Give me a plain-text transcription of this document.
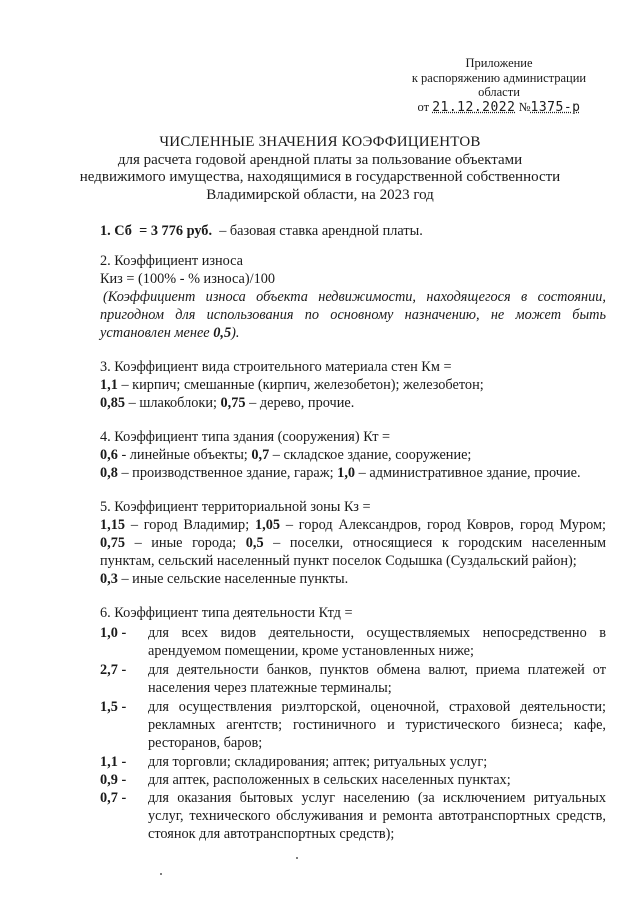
Приложение
к распоряжению администрации
области
от 21.12.2022 №1375-р
ЧИСЛЕННЫЕ ЗНАЧЕНИЯ КОЭФФИЦИЕНТОВ
для расчета годовой арендной платы за пользование объектами
недвижимого имущества, находящимися в государственной собственности
Владимирской области, на 2023 год

1. Сб = 3 776 руб. – базовая ставка арендной платы.

2. Коэффициент износа

Киз = (100% - % износа)/100

(Коэффициент износа объекта недвижимости, находящегося в состоянии,

пригодном для использования по основному назначению, не может быть

установлен менее 0,5).

3. Коэффициент вида строительного материала стен Км =

1,1 – кирпич; смешанные (кирпич, железобетон); железобетон;

0,85 – шлакоблоки; 0,75 – дерево, прочие.

4. Коэффициент типа здания (сооружения) Кт =

0,6 - линейные объекты; 0,7 – складское здание, сооружение;

0,8 – производственное здание, гараж; 1,0 – административное здание, прочие.

5. Коэффициент территориальной зоны Кз =

1,15 – город Владимир; 1,05 – город Александров, город Ковров, город Муром;

0,75 – иные города; 0,5 – поселки, относящиеся к городским населенным

пунктам, сельский населенный пункт поселок Содышка (Суздальский район);

0,3 – иные сельские населенные пункты.

6. Коэффициент типа деятельности Ктд =

1,0 - для всех видов деятельности, осуществляемых непосредственно в арендуемом помещении, кроме установленных ниже;
2,7 - для деятельности банков, пунктов обмена валют, приема платежей от населения через платежные терминалы;
1,5 - для осуществления риэлторской, оценочной, страховой деятельности; рекламных агентств; гостиничного и туристического бизнеса; кафе, ресторанов, баров;
1,1 - для торговли; складирования; аптек; ритуальных услуг;
0,9 - для аптек, расположенных в сельских населенных пунктах;
0,7 - для оказания бытовых услуг населению (за исключением ритуальных услуг, технического обслуживания и ремонта автотранспортных средств, стоянок для автотранспортных средств);
